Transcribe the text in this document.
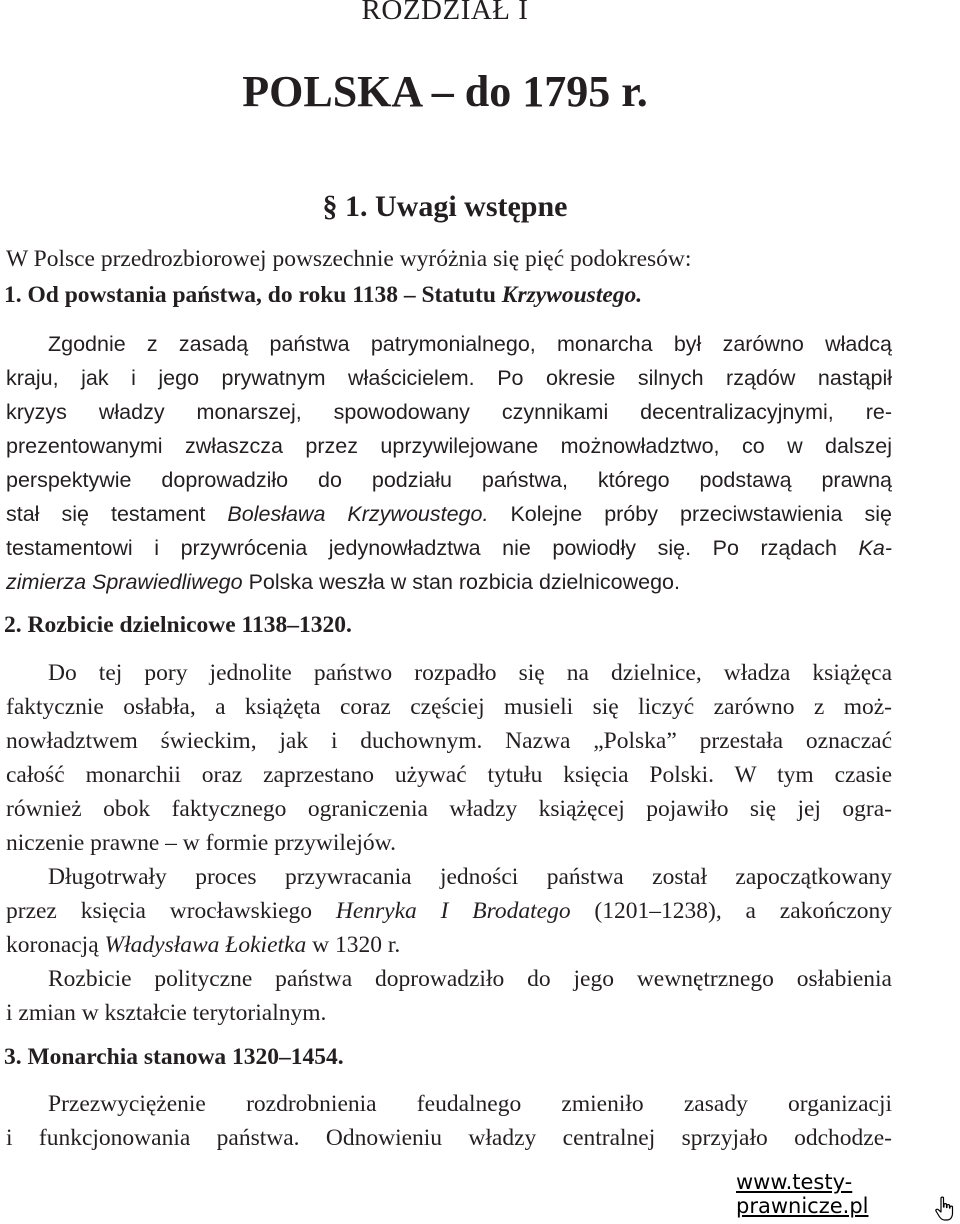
ROZDZIAŁ I
POLSKA – do 1795 r.
§ 1. Uwagi wstępne
W Polsce przedrozbiorowej powszechnie wyróżnia się pięć podokresów:
1. Od powstania państwa, do roku 1138 – Statutu Krzywoustego.
Zgodnie z zasadą państwa patrymonialnego, monarcha był zarówno władcą
kraju, jak i jego prywatnym właścicielem. Po okresie silnych rządów nastąpił
kryzys władzy monarszej, spowodowany czynnikami decentralizacyjnymi, re-
prezentowanymi zwłaszcza przez uprzywilejowane możnowładztwo, co w dalszej
perspektywie doprowadziło do podziału państwa, którego podstawą prawną
stał się testament Bolesława Krzywoustego. Kolejne próby przeciwstawienia się
testamentowi i przywrócenia jedynowładztwa nie powiodły się. Po rządach Ka-
zimierza Sprawiedliwego Polska weszła w stan rozbicia dzielnicowego.
2. Rozbicie dzielnicowe 1138–1320.
Do tej pory jednolite państwo rozpadło się na dzielnice, władza książęca
faktycznie osłabła, a książęta coraz częściej musieli się liczyć zarówno z moż-
nowładztwem świeckim, jak i duchownym. Nazwa „Polska” przestała oznaczać
całość monarchii oraz zaprzestano używać tytułu księcia Polski. W tym czasie
również obok faktycznego ograniczenia władzy książęcej pojawiło się jej ogra-
niczenie prawne – w formie przywilejów.
Długotrwały proces przywracania jedności państwa został zapoczątkowany
przez księcia wrocławskiego Henryka I Brodatego (1201–1238), a zakończony
koronacją Władysława Łokietka w 1320 r.
Rozbicie polityczne państwa doprowadziło do jego wewnętrznego osłabienia
i zmian w kształcie terytorialnym.
3. Monarchia stanowa 1320–1454.
Przezwyciężenie rozdrobnienia feudalnego zmieniło zasady organizacji
i funkcjonowania państwa. Odnowieniu władzy centralnej sprzyjało odchodze-
www.testy-prawnicze.pl
